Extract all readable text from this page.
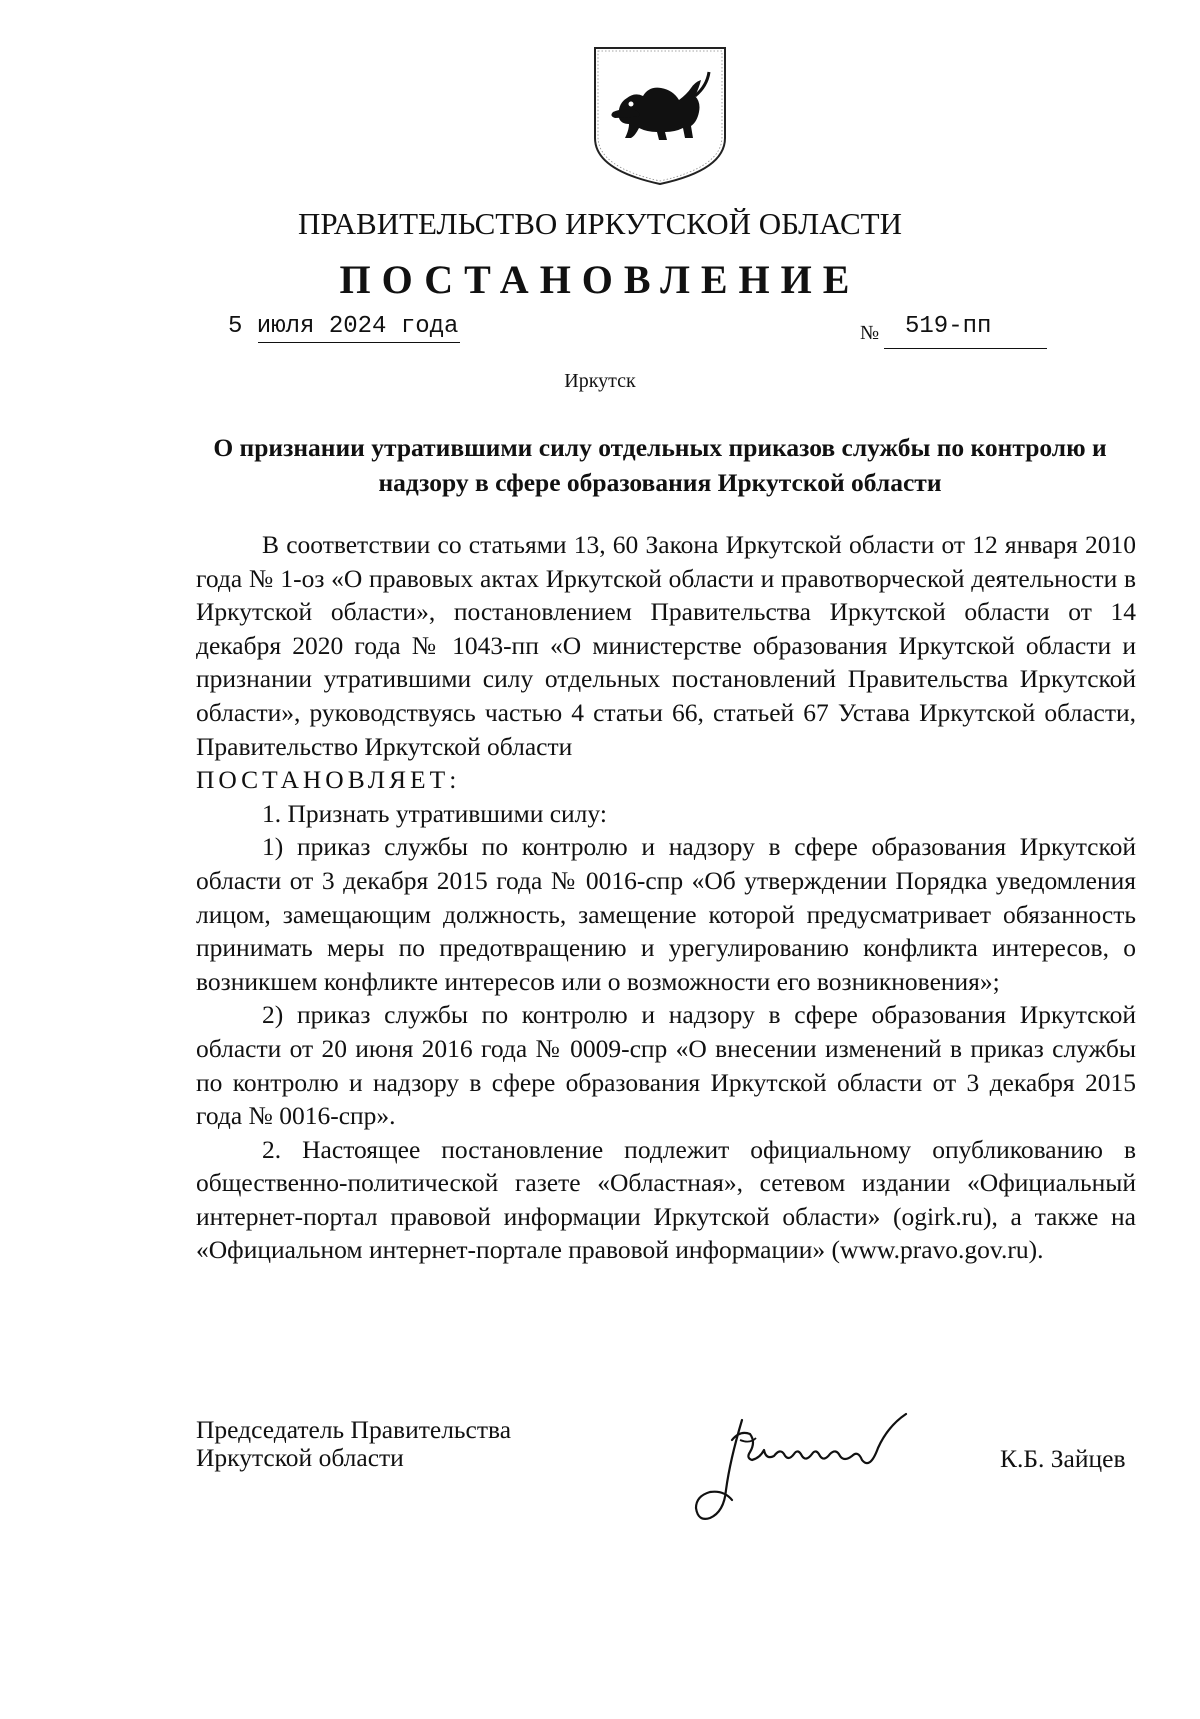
ПРАВИТЕЛЬСТВО ИРКУТСКОЙ ОБЛАСТИ
ПОСТАНОВЛЕНИЕ
5 июля 2024 года	№ 519-пп
Иркутск
О признании утратившими силу отдельных приказов службы по контролю и надзору в сфере образования Иркутской области

В соответствии со статьями 13, 60 Закона Иркутской области от 12 января 2010 года № 1-оз «О правовых актах Иркутской области и правотворческой деятельности в Иркутской области», постановлением Правительства Иркутской области от 14 декабря 2020 года № 1043-пп «О министерстве образования Иркутской области и признании утратившими силу отдельных постановлений Правительства Иркутской области», руководствуясь частью 4 статьи 66, статьей 67 Устава Иркутской области, Правительство Иркутской области

ПОСТАНОВЛЯЕТ:

1. Признать утратившими силу:

1) приказ службы по контролю и надзору в сфере образования Иркутской области от 3 декабря 2015 года № 0016-спр «Об утверждении Порядка уведомления лицом, замещающим должность, замещение которой предусматривает обязанность принимать меры по предотвращению и урегулированию конфликта интересов, о возникшем конфликте интересов или о возможности его возникновения»;

2) приказ службы по контролю и надзору в сфере образования Иркутской области от 20 июня 2016 года № 0009-спр «О внесении изменений в приказ службы по контролю и надзору в сфере образования Иркутской области от 3 декабря 2015 года № 0016-спр».

2. Настоящее постановление подлежит официальному опубликованию в общественно-политической газете «Областная», сетевом издании «Официальный интернет-портал правовой информации Иркутской области» (ogirk.ru), а также на «Официальном интернет-портале правовой информации» (www.pravo.gov.ru).

Председатель Правительства
Иркутской области	К.Б. Зайцев
